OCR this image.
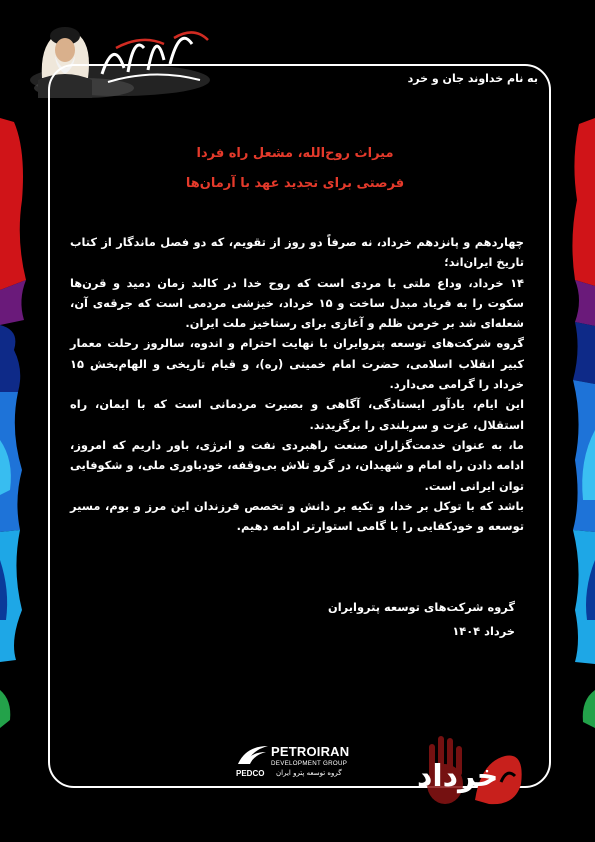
به نام خداوند جان و خرد
میراث روح‌الله، مشعل راه فردا
فرصتی برای تجدید عهد با آرمان‌ها

چهاردهم و پانزدهم خرداد، نه صرفاً دو روز از تقویم، که دو فصل ماندگار از کتاب تاریخ ایران‌اند؛

۱۴ خرداد، وداع ملتی با مردی است که روح خدا در کالبد زمان دمید و قرن‌ها سکوت را به فریاد مبدل ساخت و ۱۵ خرداد، خیزشی مردمی است که جرقه‌ی آن، شعله‌ای شد بر خرمن ظلم و آغازی برای رستاخیز ملت ایران.

گروه شرکت‌های توسعه پتروایران با نهایت احترام و اندوه، سالروز رحلت معمار کبیر انقلاب اسلامی، حضرت امام خمینی (ره)، و قیام تاریخی و الهام‌بخش ۱۵ خرداد را گرامی می‌دارد.

این ایام، یادآور ایستادگی، آگاهی و بصیرت مردمانی است که با ایمان، راه استقلال، عزت و سربلندی را برگزیدند.

ما، به عنوان خدمت‌گزاران صنعت راهبردی نفت و انرژی، باور داریم که امروز، ادامه دادن راه امام و شهیدان، در گرو تلاش بی‌وقفه، خودباوری ملی، و شکوفایی توان ایرانی است.

باشد که با توکل بر خدا، و تکیه بر دانش و تخصص فرزندان این مرز و بوم، مسیر توسعه و خودکفایی را با گامی استوارتر ادامه دهیم.

گروه شرکت‌های توسعه پتروایران
خرداد ۱۴۰۴
PETROIRAN
DEVELOPMENT GROUP
PEDCO گروه توسعه پترو ایران	خرداد
